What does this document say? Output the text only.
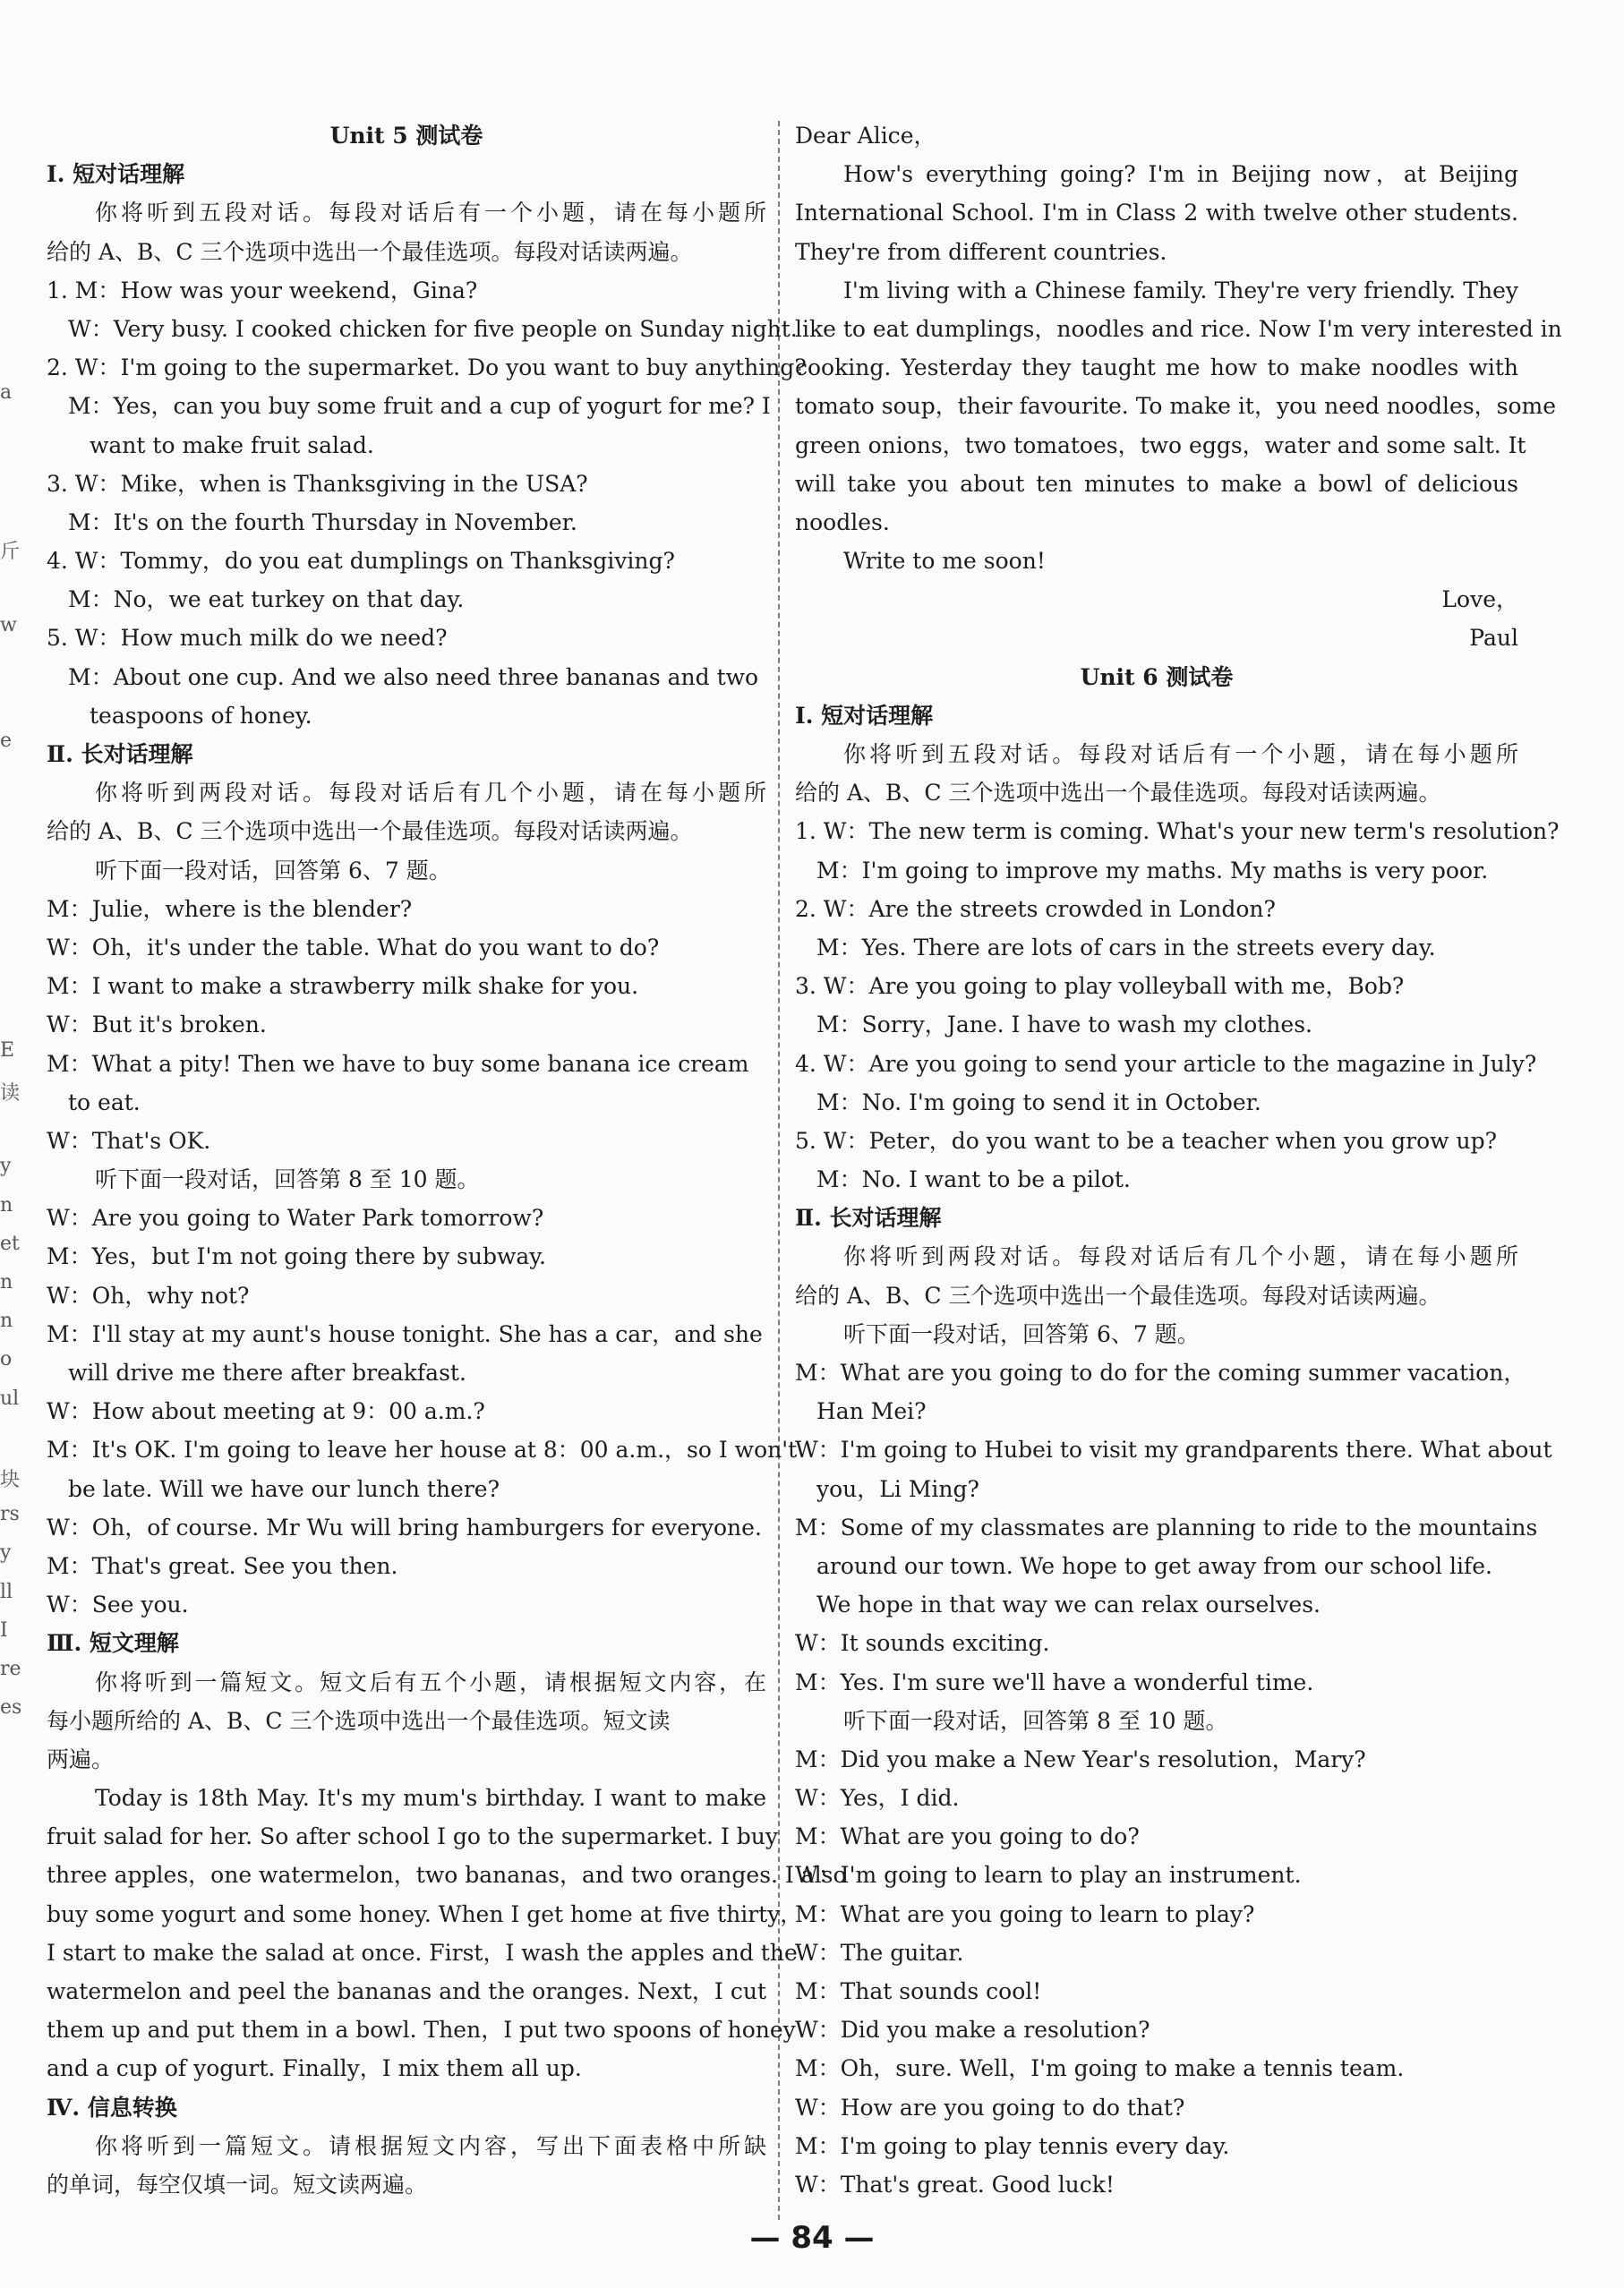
a
斤
w
e
E
读
y
n
et
n
n
o
ul
块
rs
y
ll
I
re
es
Unit 5 测试卷
Ⅰ. 短对话理解
你将听到五段对话。每段对话后有一个小题，请在每小题所
给的 A、B、C 三个选项中选出一个最佳选项。每段对话读两遍。
1. M：How was your weekend，Gina?
W：Very busy. I cooked chicken for five people on Sunday night.
2. W：I'm going to the supermarket. Do you want to buy anything?
M：Yes，can you buy some fruit and a cup of yogurt for me? I
want to make fruit salad.
3. W：Mike，when is Thanksgiving in the USA?
M：It's on the fourth Thursday in November.
4. W：Tommy，do you eat dumplings on Thanksgiving?
M：No，we eat turkey on that day.
5. W：How much milk do we need?
M：About one cup. And we also need three bananas and two
teaspoons of honey.
Ⅱ. 长对话理解
你将听到两段对话。每段对话后有几个小题，请在每小题所
给的 A、B、C 三个选项中选出一个最佳选项。每段对话读两遍。
听下面一段对话，回答第 6、7 题。
M：Julie，where is the blender?
W：Oh，it's under the table. What do you want to do?
M：I want to make a strawberry milk shake for you.
W：But it's broken.
M：What a pity! Then we have to buy some banana ice cream
to eat.
W：That's OK.
听下面一段对话，回答第 8 至 10 题。
W：Are you going to Water Park tomorrow?
M：Yes，but I'm not going there by subway.
W：Oh，why not?
M：I'll stay at my aunt's house tonight. She has a car，and she
will drive me there after breakfast.
W：How about meeting at 9：00 a.m.?
M：It's OK. I'm going to leave her house at 8：00 a.m.，so I won't
be late. Will we have our lunch there?
W：Oh，of course. Mr Wu will bring hamburgers for everyone.
M：That's great. See you then.
W：See you.
Ⅲ. 短文理解
你将听到一篇短文。短文后有五个小题，请根据短文内容，在
每小题所给的 A、B、C 三个选项中选出一个最佳选项。短文读
两遍。
Today is 18th May. It's my mum's birthday. I want to make
fruit salad for her. So after school I go to the supermarket. I buy
three apples，one watermelon，two bananas，and two oranges. I also
buy some yogurt and some honey. When I get home at five thirty，
I start to make the salad at once. First，I wash the apples and the
watermelon and peel the bananas and the oranges. Next，I cut
them up and put them in a bowl. Then，I put two spoons of honey
and a cup of yogurt. Finally，I mix them all up.
Ⅳ. 信息转换
你将听到一篇短文。请根据短文内容，写出下面表格中所缺
的单词，每空仅填一词。短文读两遍。
Dear Alice，
How's everything going? I'm in Beijing now，at Beijing
International School. I'm in Class 2 with twelve other students.
They're from different countries.
I'm living with a Chinese family. They're very friendly. They
like to eat dumplings，noodles and rice. Now I'm very interested in
cooking. Yesterday they taught me how to make noodles with
tomato soup，their favourite. To make it，you need noodles，some
green onions，two tomatoes，two eggs，water and some salt. It
will take you about ten minutes to make a bowl of delicious
noodles.
Write to me soon!
Love，
Paul
Unit 6 测试卷
Ⅰ. 短对话理解
你将听到五段对话。每段对话后有一个小题，请在每小题所
给的 A、B、C 三个选项中选出一个最佳选项。每段对话读两遍。
1. W：The new term is coming. What's your new term's resolution?
M：I'm going to improve my maths. My maths is very poor.
2. W：Are the streets crowded in London?
M：Yes. There are lots of cars in the streets every day.
3. W：Are you going to play volleyball with me，Bob?
M：Sorry，Jane. I have to wash my clothes.
4. W：Are you going to send your article to the magazine in July?
M：No. I'm going to send it in October.
5. W：Peter，do you want to be a teacher when you grow up?
M：No. I want to be a pilot.
Ⅱ. 长对话理解
你将听到两段对话。每段对话后有几个小题，请在每小题所
给的 A、B、C 三个选项中选出一个最佳选项。每段对话读两遍。
听下面一段对话，回答第 6、7 题。
M：What are you going to do for the coming summer vacation，
Han Mei?
W：I'm going to Hubei to visit my grandparents there. What about
you，Li Ming?
M：Some of my classmates are planning to ride to the mountains
around our town. We hope to get away from our school life.
We hope in that way we can relax ourselves.
W：It sounds exciting.
M：Yes. I'm sure we'll have a wonderful time.
听下面一段对话，回答第 8 至 10 题。
M：Did you make a New Year's resolution，Mary?
W：Yes，I did.
M：What are you going to do?
W：I'm going to learn to play an instrument.
M：What are you going to learn to play?
W：The guitar.
M：That sounds cool!
W：Did you make a resolution?
M：Oh，sure. Well，I'm going to make a tennis team.
W：How are you going to do that?
M：I'm going to play tennis every day.
W：That's great. Good luck!
— 84 —
